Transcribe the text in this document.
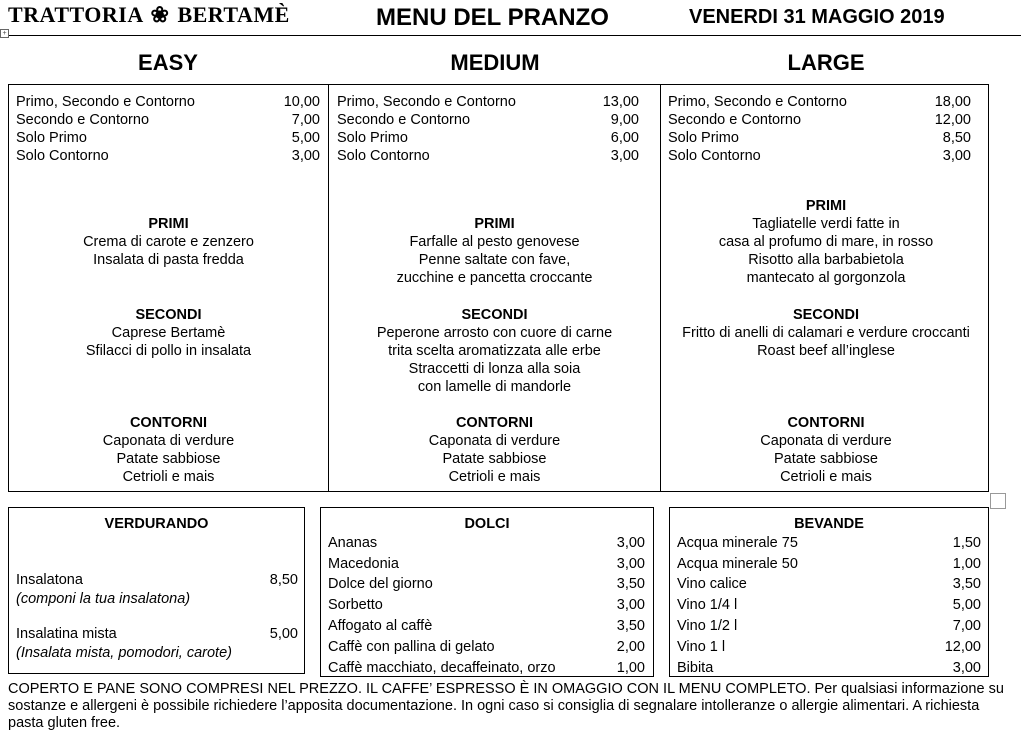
TRATTORIA ❀ BERTAMÈ	MENU DEL PRANZO	VENERDI 31 MAGGIO 2019
+
EASY	MEDIUM	LARGE
Primo, Secondo e Contorno	10,00
Secondo e Contorno	7,00
Solo Primo	5,00
Solo Contorno	3,00
PRIMI
Crema di carote e zenzero
Insalata di pasta fredda
SECONDI
Caprese Bertamè
Sfilacci di pollo in insalata
CONTORNI
Caponata di verdure
Patate sabbiose
Cetrioli e mais
Primo, Secondo e Contorno	13,00
Secondo e Contorno	9,00
Solo Primo	6,00
Solo Contorno	3,00
PRIMI
Farfalle al pesto genovese
Penne saltate con fave,
zucchine e pancetta croccante
SECONDI
Peperone arrosto con cuore di carne
trita scelta aromatizzata alle erbe
Straccetti di lonza alla soia
con lamelle di mandorle
CONTORNI
Caponata di verdure
Patate sabbiose
Cetrioli e mais
Primo, Secondo e Contorno	18,00
Secondo e Contorno	12,00
Solo Primo	8,50
Solo Contorno	3,00
PRIMI
Tagliatelle verdi fatte in
casa al profumo di mare, in rosso
Risotto alla barbabietola
mantecato al gorgonzola
SECONDI
Fritto di anelli di calamari e verdure croccanti
Roast beef all’inglese
CONTORNI
Caponata di verdure
Patate sabbiose
Cetrioli e mais
VERDURANDO
Insalatona	8,50
(componi la tua insalatona)
Insalatina mista	5,00
(Insalata mista, pomodori, carote)
DOLCI
Ananas	3,00
Macedonia	3,00
Dolce del giorno	3,50
Sorbetto	3,00
Affogato al caffè	3,50
Caffè con pallina di gelato	2,00
Caffè macchiato, decaffeinato, orzo	1,00
BEVANDE
Acqua minerale 75	1,50
Acqua minerale 50	1,00
Vino calice	3,50
Vino 1/4 l	5,00
Vino 1/2 l	7,00
Vino 1 l	12,00
Bibita	3,00
COPERTO E PANE SONO COMPRESI NEL PREZZO. IL CAFFE’ ESPRESSO È IN OMAGGIO CON IL MENU COMPLETO. Per qualsiasi informazione su sostanze e allergeni è possibile richiedere l’apposita documentazione. In ogni caso si consiglia di segnalare intolleranze o allergie alimentari. A richiesta pasta gluten free.
